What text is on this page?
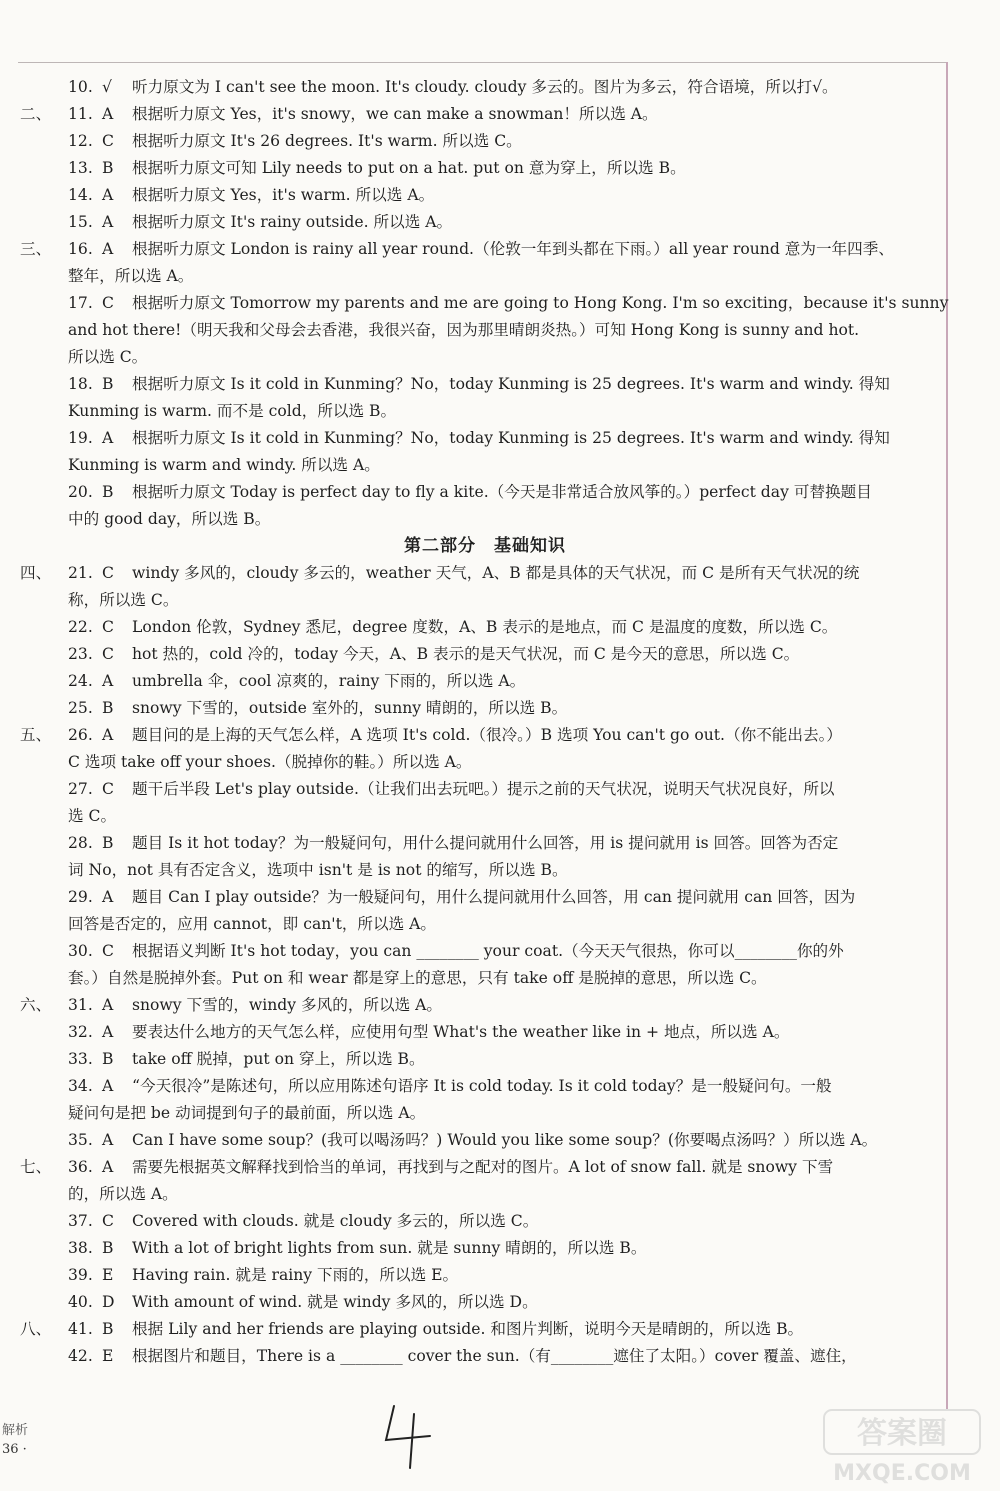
10. √ 听力原文为 I can't see the moon. It's cloudy. cloudy 多云的。图片为多云，符合语境，所以打√。
二、 11. A 根据听力原文 Yes，it's snowy，we can make a snowman！所以选 A。
12. C 根据听力原文 It's 26 degrees. It's warm. 所以选 C。
13. B 根据听力原文可知 Lily needs to put on a hat. put on 意为穿上，所以选 B。
14. A 根据听力原文 Yes，it's warm. 所以选 A。
15. A 根据听力原文 It's rainy outside. 所以选 A。
三、 16. A 根据听力原文 London is rainy all year round.（伦敦一年到头都在下雨。）all year round 意为一年四季、
整年，所以选 A。
17. C 根据听力原文 Tomorrow my parents and me are going to Hong Kong. I'm so exciting，because it's sunny
and hot there!（明天我和父母会去香港，我很兴奋，因为那里晴朗炎热。）可知 Hong Kong is sunny and hot.
所以选 C。
18. B 根据听力原文 Is it cold in Kunming？No，today Kunming is 25 degrees. It's warm and windy. 得知
Kunming is warm. 而不是 cold，所以选 B。
19. A 根据听力原文 Is it cold in Kunming？No，today Kunming is 25 degrees. It's warm and windy. 得知
Kunming is warm and windy. 所以选 A。
20. B 根据听力原文 Today is perfect day to fly a kite.（今天是非常适合放风筝的。）perfect day 可替换题目
中的 good day，所以选 B。
第二部分　基础知识
四、 21. C windy 多风的，cloudy 多云的，weather 天气，A、B 都是具体的天气状况，而 C 是所有天气状况的统
称，所以选 C。
22. C London 伦敦，Sydney 悉尼，degree 度数，A、B 表示的是地点，而 C 是温度的度数，所以选 C。
23. C hot 热的，cold 冷的，today 今天，A、B 表示的是天气状况，而 C 是今天的意思，所以选 C。
24. A umbrella 伞，cool 凉爽的，rainy 下雨的，所以选 A。
25. B snowy 下雪的，outside 室外的，sunny 晴朗的，所以选 B。
五、 26. A 题目问的是上海的天气怎么样，A 选项 It's cold.（很冷。）B 选项 You can't go out.（你不能出去。）
C 选项 take off your shoes.（脱掉你的鞋。）所以选 A。
27. C 题干后半段 Let's play outside.（让我们出去玩吧。）提示之前的天气状况，说明天气状况良好，所以
选 C。
28. B 题目 Is it hot today？为一般疑问句，用什么提问就用什么回答，用 is 提问就用 is 回答。回答为否定
词 No，not 具有否定含义，选项中 isn't 是 is not 的缩写，所以选 B。
29. A 题目 Can I play outside？为一般疑问句，用什么提问就用什么回答，用 can 提问就用 can 回答，因为
回答是否定的，应用 cannot，即 can't，所以选 A。
30. C 根据语义判断 It's hot today，you can ________ your coat.（今天天气很热，你可以________你的外
套。）自然是脱掉外套。Put on 和 wear 都是穿上的意思，只有 take off 是脱掉的意思，所以选 C。
六、 31. A snowy 下雪的，windy 多风的，所以选 A。
32. A 要表达什么地方的天气怎么样，应使用句型 What's the weather like in + 地点，所以选 A。
33. B take off 脱掉，put on 穿上，所以选 B。
34. A “今天很冷”是陈述句，所以应用陈述句语序 It is cold today. Is it cold today？是一般疑问句。一般
疑问句是把 be 动词提到句子的最前面，所以选 A。
35. A Can I have some soup？(我可以喝汤吗？) Would you like some soup？(你要喝点汤吗？）所以选 A。
七、 36. A 需要先根据英文解释找到恰当的单词，再找到与之配对的图片。A lot of snow fall. 就是 snowy 下雪
的，所以选 A。
37. C Covered with clouds. 就是 cloudy 多云的，所以选 C。
38. B With a lot of bright lights from sun. 就是 sunny 晴朗的，所以选 B。
39. E Having rain. 就是 rainy 下雨的，所以选 E。
40. D With amount of wind. 就是 windy 多风的，所以选 D。
八、 41. B 根据 Lily and her friends are playing outside. 和图片判断，说明今天是晴朗的，所以选 B。
42. E 根据图片和题目，There is a ________ cover the sun.（有________遮住了太阳。）cover 覆盖、遮住，
解析
36 ·	答案圈
MXQE.COM
